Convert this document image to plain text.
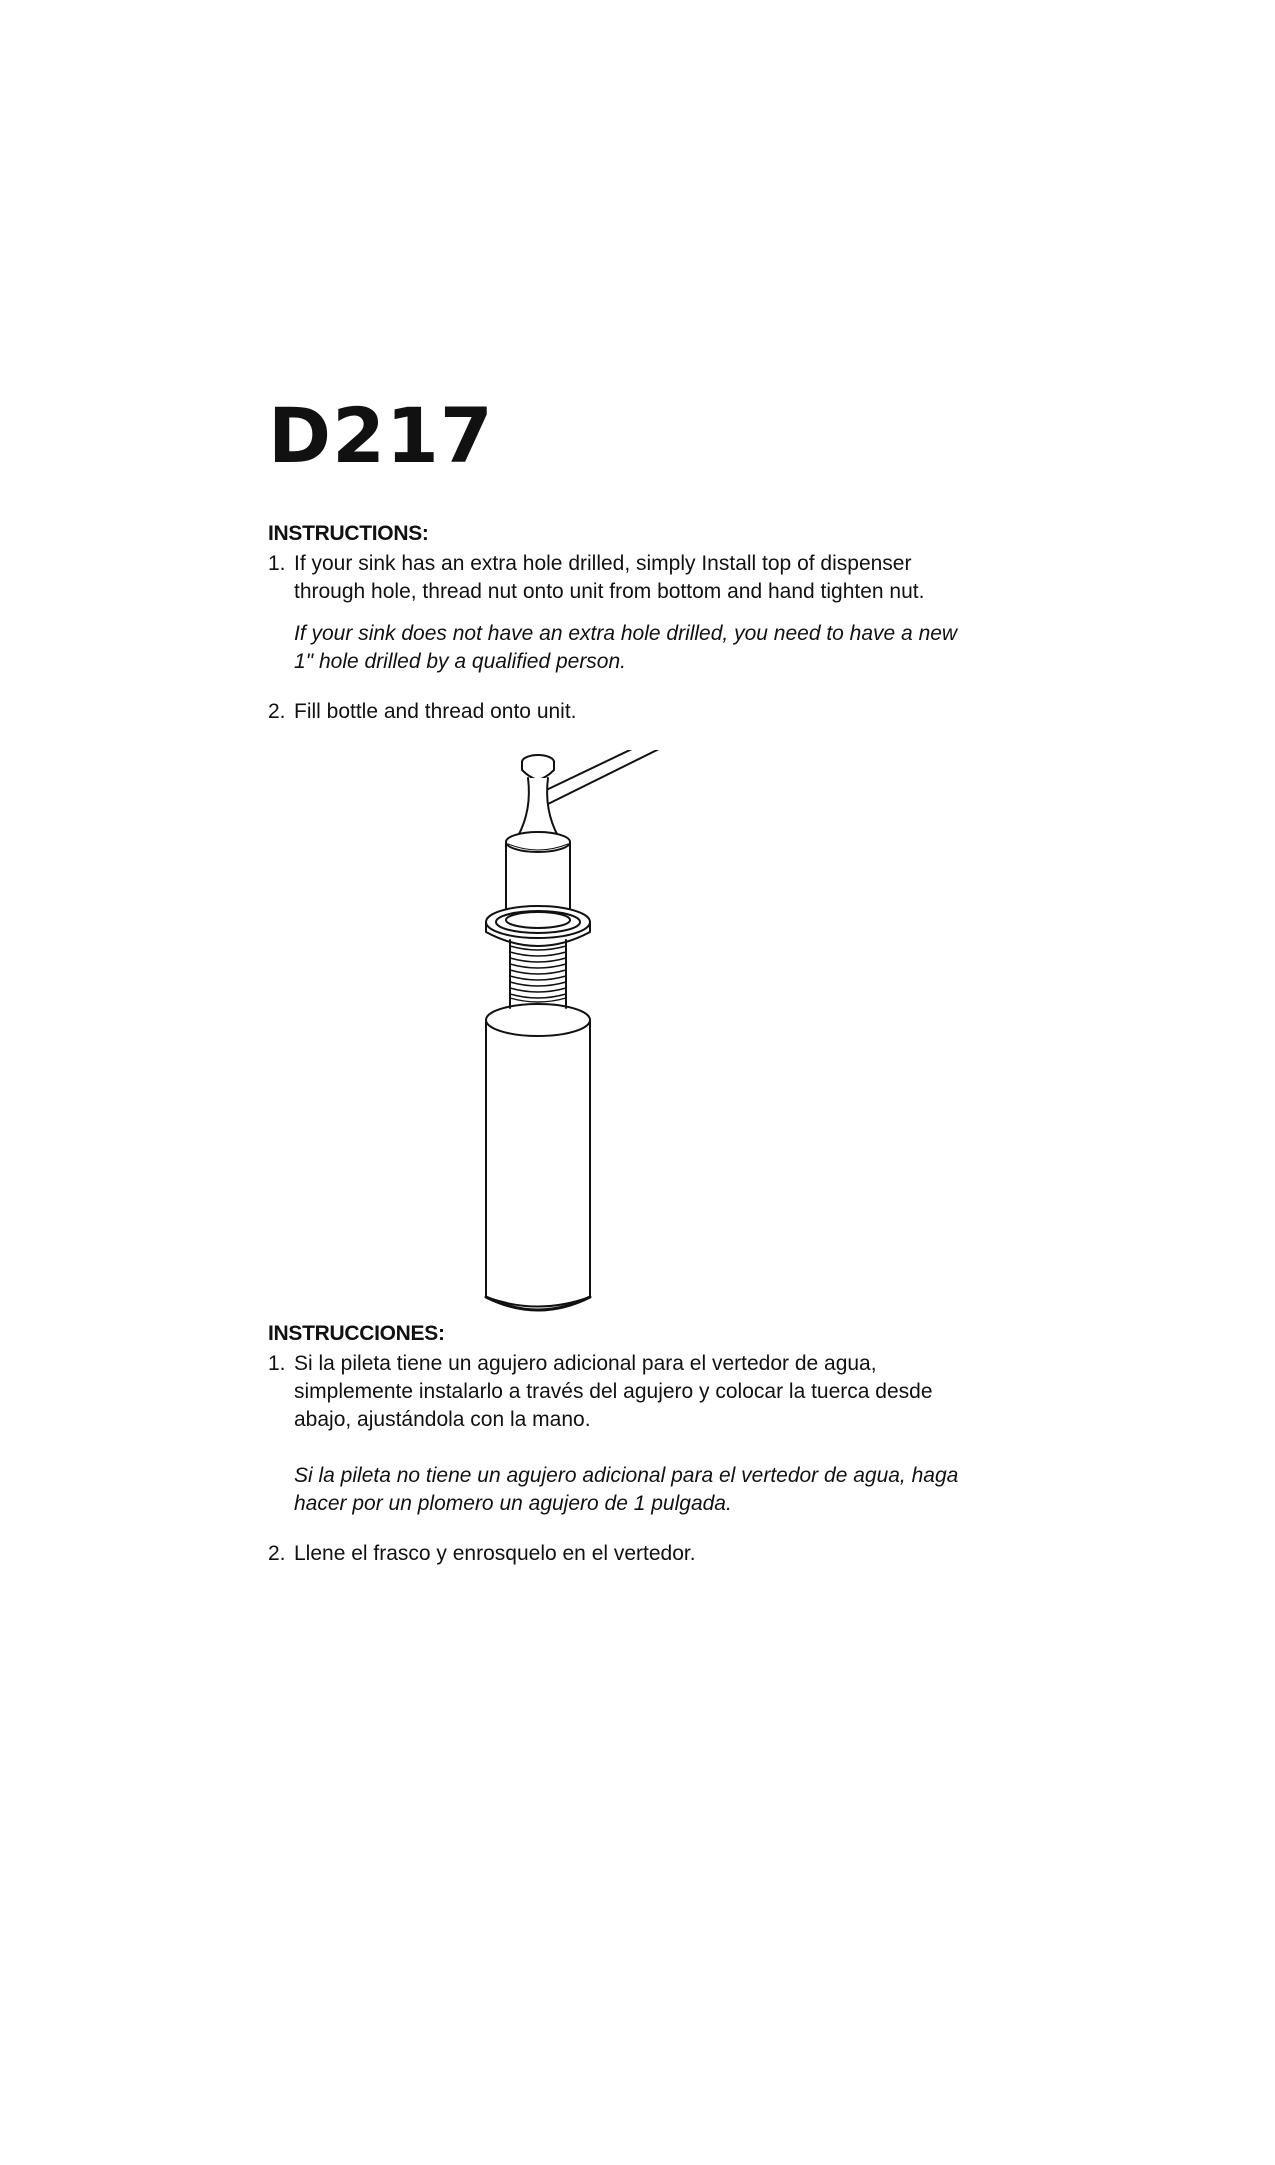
D217

INSTRUCTIONS:

1. If your sink has an extra hole drilled, simply Install top of dispenser through hole, thread nut onto unit from bottom and hand tighten nut.

If your sink does not have an extra hole drilled, you need to have a new 1" hole drilled by a qualified person.

2. Fill bottle and thread onto unit.

INSTRUCCIONES:

1. Si la pileta tiene un agujero adicional para el vertedor de agua, simplemente instalarlo a través del agujero y colocar la tuerca desde abajo, ajustándola con la mano.

Si la pileta no tiene un agujero adicional para el vertedor de agua, haga hacer por un plomero un agujero de 1 pulgada.

2. Llene el frasco y enrosquelo en el vertedor.
